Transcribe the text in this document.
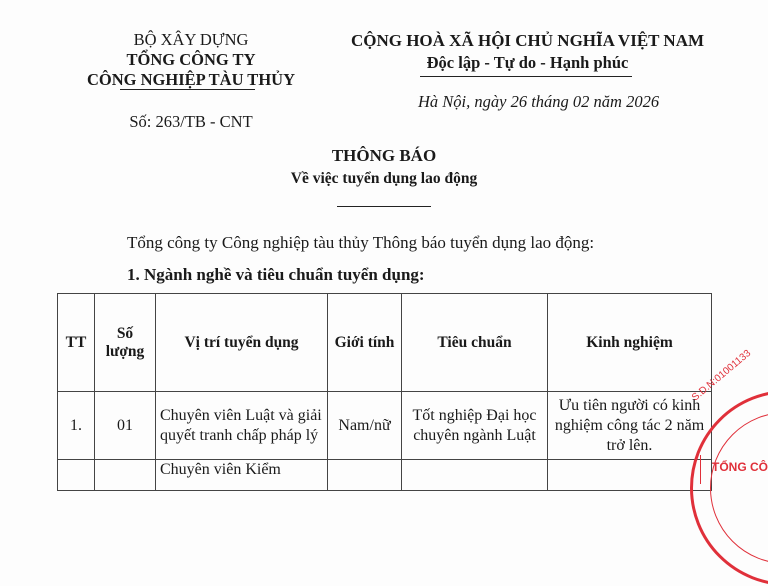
BỘ XÂY DỰNG
TỔNG CÔNG TY
CÔNG NGHIỆP TÀU THỦY
Số: 263/TB - CNT
CỘNG HOÀ XÃ HỘI CHỦ NGHĨA VIỆT NAM
Độc lập - Tự do - Hạnh phúc
Hà Nội, ngày 26 tháng 02 năm 2026
THÔNG BÁO
Về việc tuyển dụng lao động
Tổng công ty Công nghiệp tàu thủy Thông báo tuyển dụng lao động:
1. Ngành nghề và tiêu chuẩn tuyển dụng:
TT	Số lượng	Vị trí tuyển dụng	Giới tính	Tiêu chuẩn	Kinh nghiệm
1.	01	Chuyên viên Luật và giải quyết tranh chấp pháp lý	Nam/nữ	Tốt nghiệp Đại học chuyên ngành Luật	Ưu tiên người có kinh nghiệm công tác 2 năm trở lên.
		Chuyên viên Kiểm			
S.D.N:01001133
TỔNG CÔ
